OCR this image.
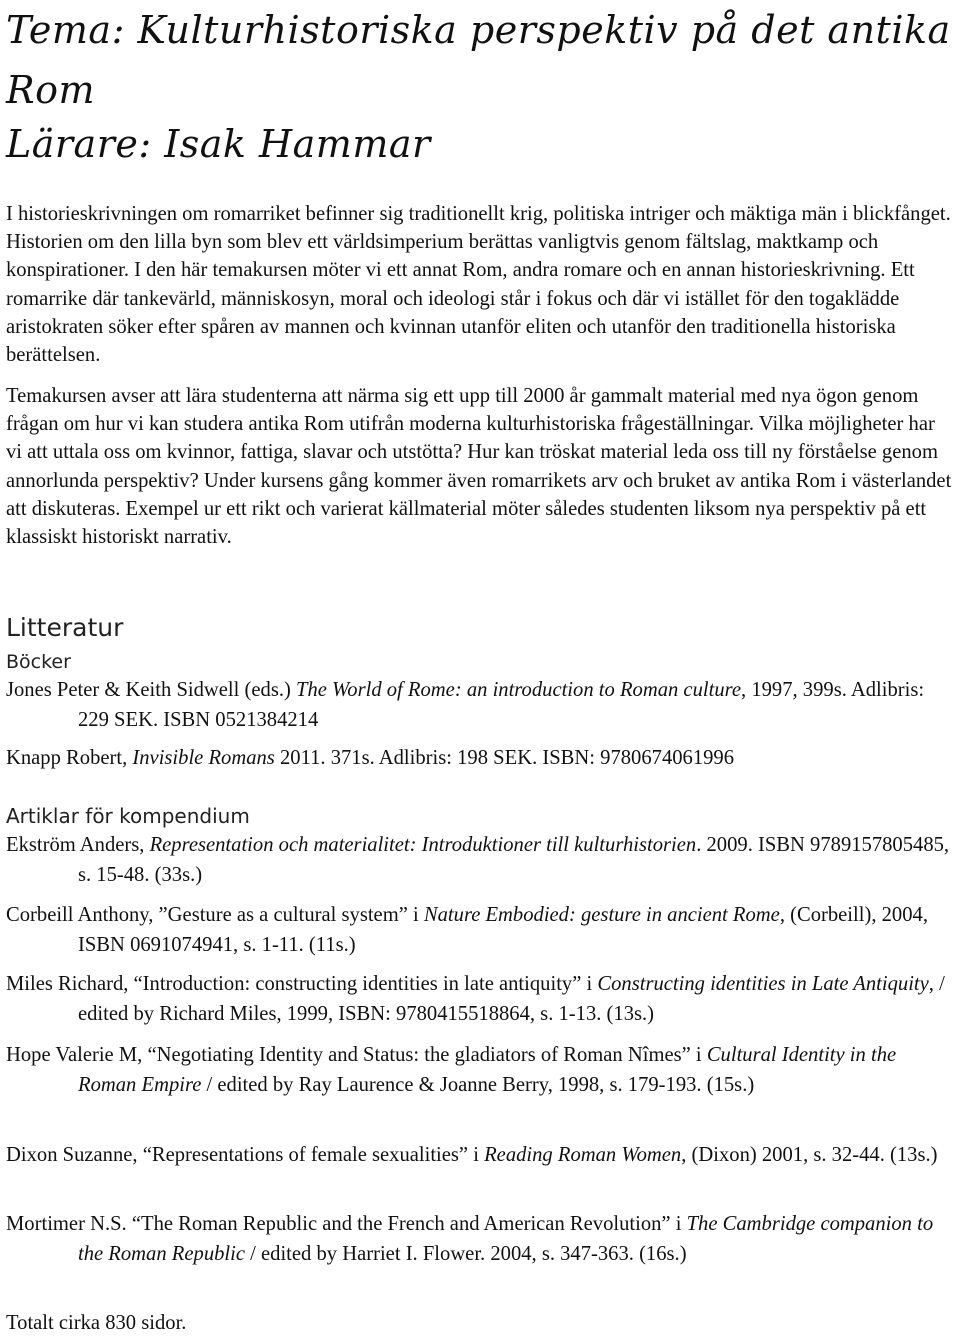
Tema: Kulturhistoriska perspektiv på det antika Rom
Lärare: Isak Hammar

I historieskrivningen om romarriket befinner sig traditionellt krig, politiska intriger och mäktiga män i blickfånget. Historien om den lilla byn som blev ett världsimperium berättas vanligtvis genom fältslag, maktkamp och konspirationer. I den här temakursen möter vi ett annat Rom, andra romare och en annan historieskrivning. Ett romarrike där tankevärld, människosyn, moral och ideologi står i fokus och där vi istället för den togaklädde aristokraten söker efter spåren av mannen och kvinnan utanför eliten och utanför den traditionella historiska berättelsen.

Temakursen avser att lära studenterna att närma sig ett upp till 2000 år gammalt material med nya ögon genom frågan om hur vi kan studera antika Rom utifrån moderna kulturhistoriska frågeställningar. Vilka möjligheter har vi att uttala oss om kvinnor, fattiga, slavar och utstötta? Hur kan tröskat material leda oss till ny förståelse genom annorlunda perspektiv? Under kursens gång kommer även romarrikets arv och bruket av antika Rom i västerlandet att diskuteras. Exempel ur ett rikt och varierat källmaterial möter således studenten liksom nya perspektiv på ett klassiskt historiskt narrativ.

Litteratur
Böcker

Jones Peter & Keith Sidwell (eds.) The World of Rome: an introduction to Roman culture, 1997, 399s. Adlibris: 229 SEK. ISBN 0521384214

Knapp Robert, Invisible Romans 2011. 371s. Adlibris: 198 SEK. ISBN: 9780674061996

Artiklar för kompendium

Ekström Anders, Representation och materialitet: Introduktioner till kulturhistorien. 2009. ISBN 9789157805485, s. 15-48. (33s.)

Corbeill Anthony, ”Gesture as a cultural system” i Nature Embodied: gesture in ancient Rome, (Corbeill), 2004, ISBN 0691074941, s. 1-11. (11s.)

Miles Richard, “Introduction: constructing identities in late antiquity” i Constructing identities in Late Antiquity, / edited by Richard Miles, 1999, ISBN: 9780415518864, s. 1-13. (13s.)

Hope Valerie M, “Negotiating Identity and Status: the gladiators of Roman Nîmes” i Cultural Identity in the Roman Empire / edited by Ray Laurence & Joanne Berry, 1998, s. 179-193. (15s.)

Dixon Suzanne, “Representations of female sexualities” i Reading Roman Women, (Dixon) 2001, s. 32-44. (13s.)

Mortimer N.S. “The Roman Republic and the French and American Revolution” i The Cambridge companion to the Roman Republic / edited by Harriet I. Flower. 2004, s. 347-363. (16s.)

Totalt cirka 830 sidor.
